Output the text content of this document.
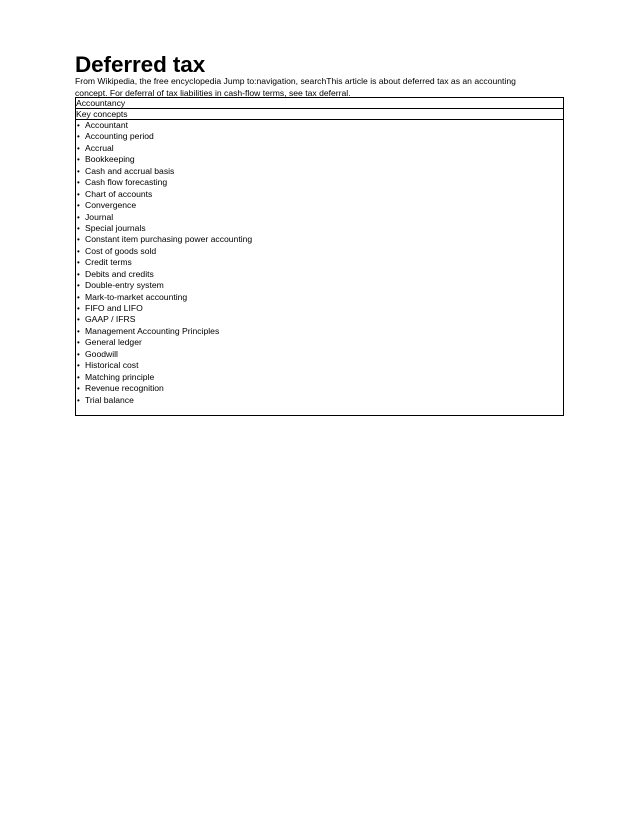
Deferred tax

From Wikipedia, the free encyclopedia Jump to:navigation, searchThis article is about deferred tax as an accounting
concept. For deferral of tax liabilities in cash-flow terms, see tax deferral.

Accountancy
Key concepts
• Accountant
• Accounting period
• Accrual
• Bookkeeping
• Cash and accrual basis
• Cash flow forecasting
• Chart of accounts
• Convergence
• Journal
• Special journals
• Constant item purchasing power accounting
• Cost of goods sold
• Credit terms
• Debits and credits
• Double-entry system
• Mark-to-market accounting
• FIFO and LIFO
• GAAP / IFRS
• Management Accounting Principles
• General ledger
• Goodwill
• Historical cost
• Matching principle
• Revenue recognition
• Trial balance
